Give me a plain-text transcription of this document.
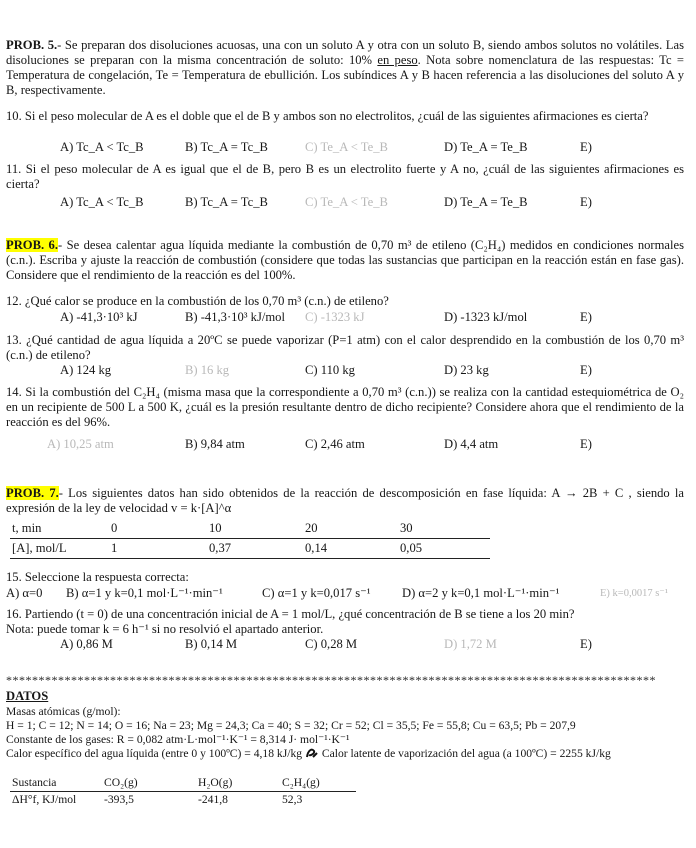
PROB. 5.- Se preparan dos disoluciones acuosas, una con un soluto A y otra con un soluto B, siendo ambos solutos no volátiles. Las disoluciones se preparan con la misma concentración de soluto: 10% en peso. Nota sobre nomenclatura de las respuestas: Tc = Temperatura de congelación, Te = Temperatura de ebullición. Los subíndices A y B hacen referencia a las disoluciones del soluto A y B, respectivamente.
10. Si el peso molecular de A es el doble que el de B y ambos son no electrolitos, ¿cuál de las siguientes afirmaciones es cierta?
A) Tc_A < Tc_B	B) Tc_A = Tc_B	C) Te_A < Te_B	D) Te_A = Te_B	E)
11. Si el peso molecular de A es igual que el de B, pero B es un electrolito fuerte y A no, ¿cuál de las siguientes afirmaciones es cierta?
A) Tc_A < Tc_B	B) Tc_A = Tc_B	C) Te_A < Te_B	D) Te_A = Te_B	E)
PROB. 6.- Se desea calentar agua líquida mediante la combustión de 0,70 m³ de etileno (C₂H₄) medidos en condiciones normales (c.n.). Escriba y ajuste la reacción de combustión (considere que todas las sustancias que participan en la reacción están en fase gas). Considere que el rendimiento de la reacción es del 100%.
12. ¿Qué calor se produce en la combustión de los 0,70 m³ (c.n.) de etileno?
A) -41,3·10³ kJ	B) -41,3·10³ kJ/mol C) -1323 kJ	D) -1323 kJ/mol	E)
13. ¿Qué cantidad de agua líquida a 20ºC se puede vaporizar (P=1 atm) con el calor desprendido en la combustión de los 0,70 m³ (c.n.) de etileno?
A) 124 kg	B) 16 kg	C) 110 kg	D) 23 kg	E)
14. Si la combustión del C₂H₄ (misma masa que la correspondiente a 0,70 m³ (c.n.)) se realiza con la cantidad estequiométrica de O₂ en un recipiente de 500 L a 500 K, ¿cuál es la presión resultante dentro de dicho recipiente? Considere ahora que el rendimiento de la reacción es del 96%.
A) 10,25 atm	B) 9,84 atm	C) 2,46 atm	D) 4,4 atm	E)
PROB. 7.- Los siguientes datos han sido obtenidos de la reacción de descomposición en fase líquida: A → 2B + C , siendo la expresión de la ley de velocidad v = k·[A]^α
t, min	0	10	20	30
[A], mol/L	1	0,37	0,14	0,05
15. Seleccione la respuesta correcta:
A) α=0 B) α=1 y k=0,1 mol·L⁻¹·min⁻¹	C) α=1 y k=0,017 s⁻¹ D) α=2 y k=0,1 mol·L⁻¹·min⁻¹	E) k=0,0017 s⁻¹
16. Partiendo (t = 0) de una concentración inicial de A = 1 mol/L, ¿qué concentración de B se tiene a los 20 min?
Nota: puede tomar k = 6 h⁻¹ si no resolvió el apartado anterior.
A) 0,86 M	B) 0,14 M	C) 0,28 M	D) 1,72 M	E)
****************************************************************************************************
DATOS
Masas atómicas (g/mol):
H = 1; C = 12; N = 14; O = 16; Na = 23; Mg = 24,3; Ca = 40; S = 32; Cr = 52; Cl = 35,5; Fe = 55,8; Cu = 63,5; Pb = 207,9
Constante de los gases: R = 0,082 atm·L·mol⁻¹·K⁻¹ = 8,314 J· mol⁻¹·K⁻¹
Calor específico del agua líquida (entre 0 y 100ºC) = 4,18 kJ/kg Calor latente de vaporización del agua (a 100ºC) = 2255 kJ/kg
Sustancia	CO₂(g)	H₂O(g)	C₂H₄(g)
ΔH°f, KJ/mol -393,5	-241,8	52,3
